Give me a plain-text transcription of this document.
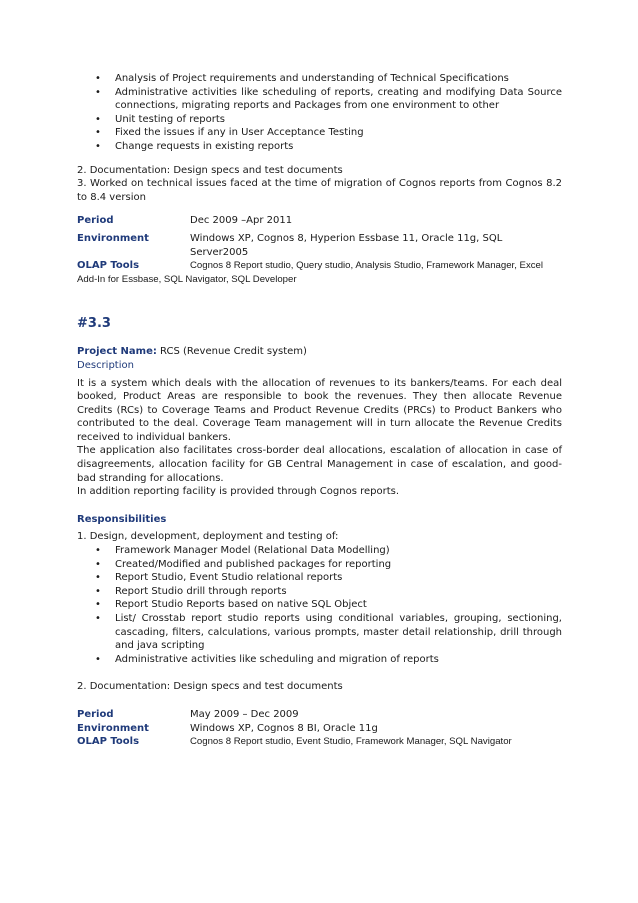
• Analysis of Project requirements and understanding of Technical Specifications
• Administrative activities like scheduling of reports, creating and modifying Data Source connections, migrating reports and Packages from one environment to other
• Unit testing of reports
• Fixed the issues if any in User Acceptance Testing
• Change requests in existing reports

2. Documentation: Design specs and test documents

3. Worked on technical issues faced at the time of migration of Cognos reports from Cognos 8.2 to 8.4 version

Period	Dec 2009 –Apr 2011
Environment	Windows XP, Cognos 8, Hyperion Essbase 11, Oracle 11g, SQL Server2005
OLAP Tools	Cognos 8 Report studio, Query studio, Analysis Studio, Framework Manager, Excel

Add-In for Essbase, SQL Navigator, SQL Developer

#3.3
Project Name: RCS (Revenue Credit system)
Description

It is a system which deals with the allocation of revenues to its bankers/teams. For each deal booked, Product Areas are responsible to book the revenues. They then allocate Revenue Credits (RCs) to Coverage Teams and Product Revenue Credits (PRCs) to Product Bankers who contributed to the deal. Coverage Team management will in turn allocate the Revenue Credits received to individual bankers.

The application also facilitates cross-border deal allocations, escalation of allocation in case of disagreements, allocation facility for GB Central Management in case of escalation, and good-bad stranding for allocations.

In addition reporting facility is provided through Cognos reports.

Responsibilities
1. Design, development, deployment and testing of:
• Framework Manager Model (Relational Data Modelling)
• Created/Modified and published packages for reporting
• Report Studio, Event Studio relational reports
• Report Studio drill through reports
• Report Studio Reports based on native SQL Object
• List/ Crosstab report studio reports using conditional variables, grouping, sectioning, cascading, filters, calculations, various prompts, master detail relationship, drill through and java scripting
• Administrative activities like scheduling and migration of reports

2. Documentation: Design specs and test documents

Period	May 2009 – Dec 2009
Environment	Windows XP, Cognos 8 BI, Oracle 11g
OLAP Tools	Cognos 8 Report studio, Event Studio, Framework Manager, SQL Navigator
